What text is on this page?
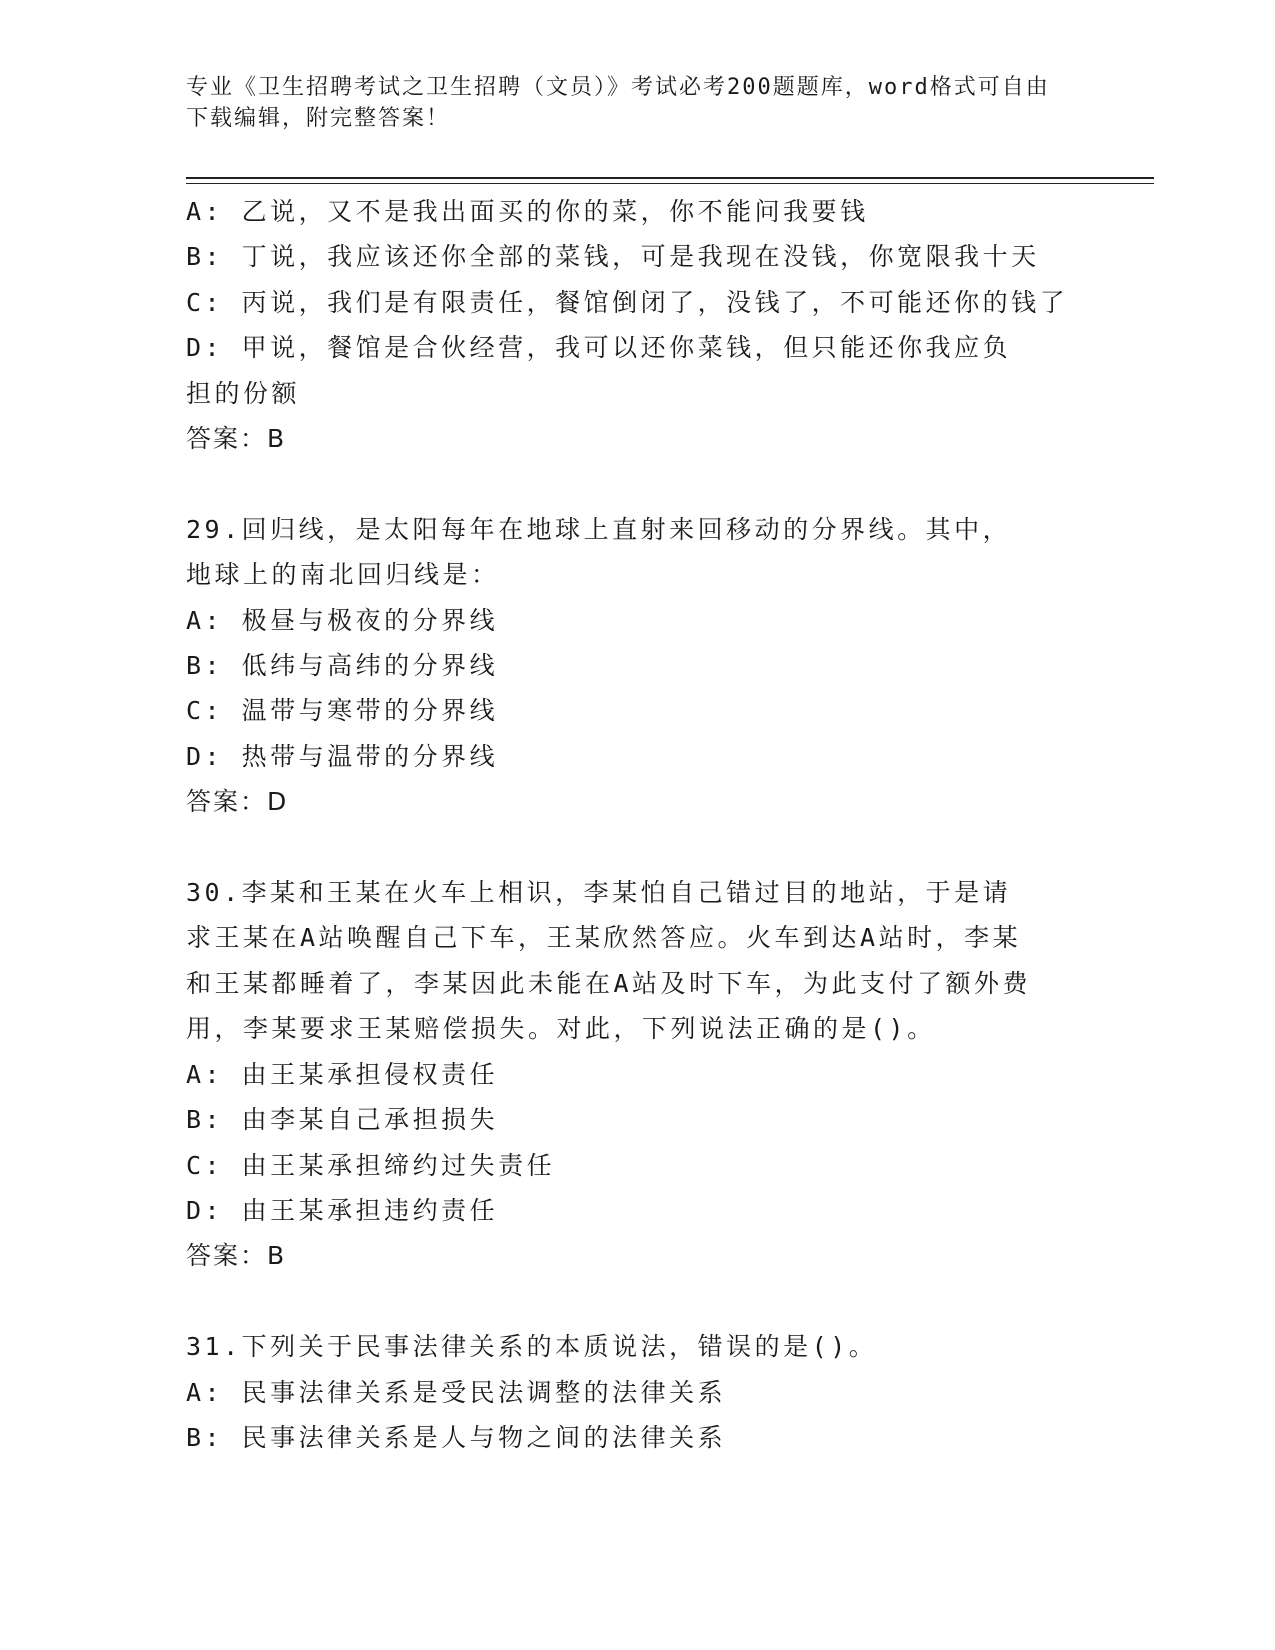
专业《卫生招聘考试之卫生招聘（文员）》考试必考200题题库，word格式可自由下载编辑，附完整答案！

A: 乙说，又不是我出面买的你的菜，你不能问我要钱

B: 丁说，我应该还你全部的菜钱，可是我现在没钱，你宽限我十天

C: 丙说，我们是有限责任，餐馆倒闭了，没钱了，不可能还你的钱了

D: 甲说，餐馆是合伙经营，我可以还你菜钱，但只能还你我应负担的份额

答案：B

29.回归线，是太阳每年在地球上直射来回移动的分界线。其中，地球上的南北回归线是：

A: 极昼与极夜的分界线

B: 低纬与高纬的分界线

C: 温带与寒带的分界线

D: 热带与温带的分界线

答案：D

30.李某和王某在火车上相识，李某怕自己错过目的地站，于是请求王某在A站唤醒自己下车，王某欣然答应。火车到达A站时，李某和王某都睡着了，李某因此未能在A站及时下车，为此支付了额外费用，李某要求王某赔偿损失。对此，下列说法正确的是()。

A: 由王某承担侵权责任

B: 由李某自己承担损失

C: 由王某承担缔约过失责任

D: 由王某承担违约责任

答案：B

31.下列关于民事法律关系的本质说法，错误的是()。

A: 民事法律关系是受民法调整的法律关系

B: 民事法律关系是人与物之间的法律关系
